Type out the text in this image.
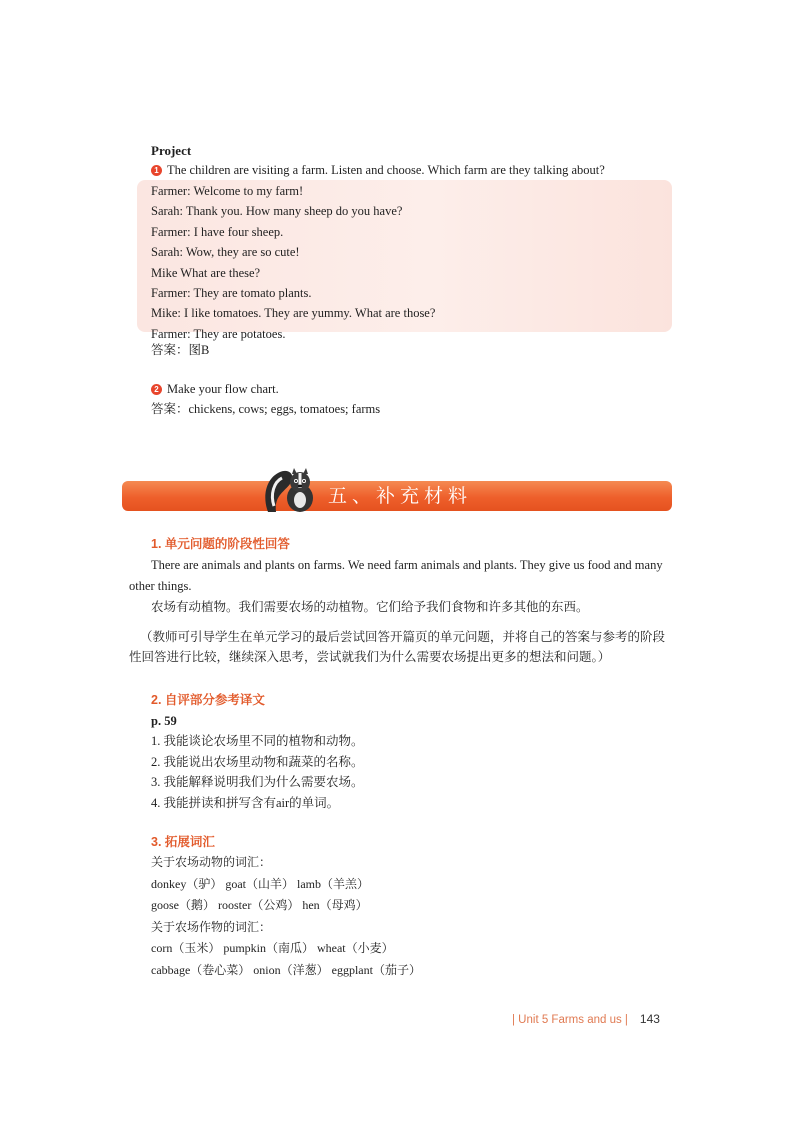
Project
1 The children are visiting a farm. Listen and choose. Which farm are they talking about?
Farmer: Welcome to my farm!
Sarah: Thank you. How many sheep do you have?
Farmer: I have four sheep.
Sarah: Wow, they are so cute!
Mike What are these?
Farmer: They are tomato plants.
Mike: I like tomatoes. They are yummy. What are those?
Farmer: They are potatoes.
答案：图B
2 Make your flow chart.
答案：chickens, cows; eggs, tomatoes; farms
五、补充材料
1. 单元问题的阶段性回答
There are animals and plants on farms. We need farm animals and plants. They give us food and many
other things.
农场有动植物。我们需要农场的动植物。它们给予我们食物和许多其他的东西。
（教师可引导学生在单元学习的最后尝试回答开篇页的单元问题，并将自己的答案与参考的阶段
性回答进行比较，继续深入思考，尝试就我们为什么需要农场提出更多的想法和问题。）
2. 自评部分参考译文
p. 59
1. 我能谈论农场里不同的植物和动物。
2. 我能说出农场里动物和蔬菜的名称。
3. 我能解释说明我们为什么需要农场。
4. 我能拼读和拼写含有air的单词。
3. 拓展词汇
关于农场动物的词汇：
donkey（驴） goat（山羊） lamb（羊羔）
goose（鹅） rooster（公鸡） hen（母鸡）
关于农场作物的词汇：
corn（玉米） pumpkin（南瓜） wheat（小麦）
cabbage（卷心菜） onion（洋葱） eggplant（茄子）
| Unit 5 Farms and us | 143
